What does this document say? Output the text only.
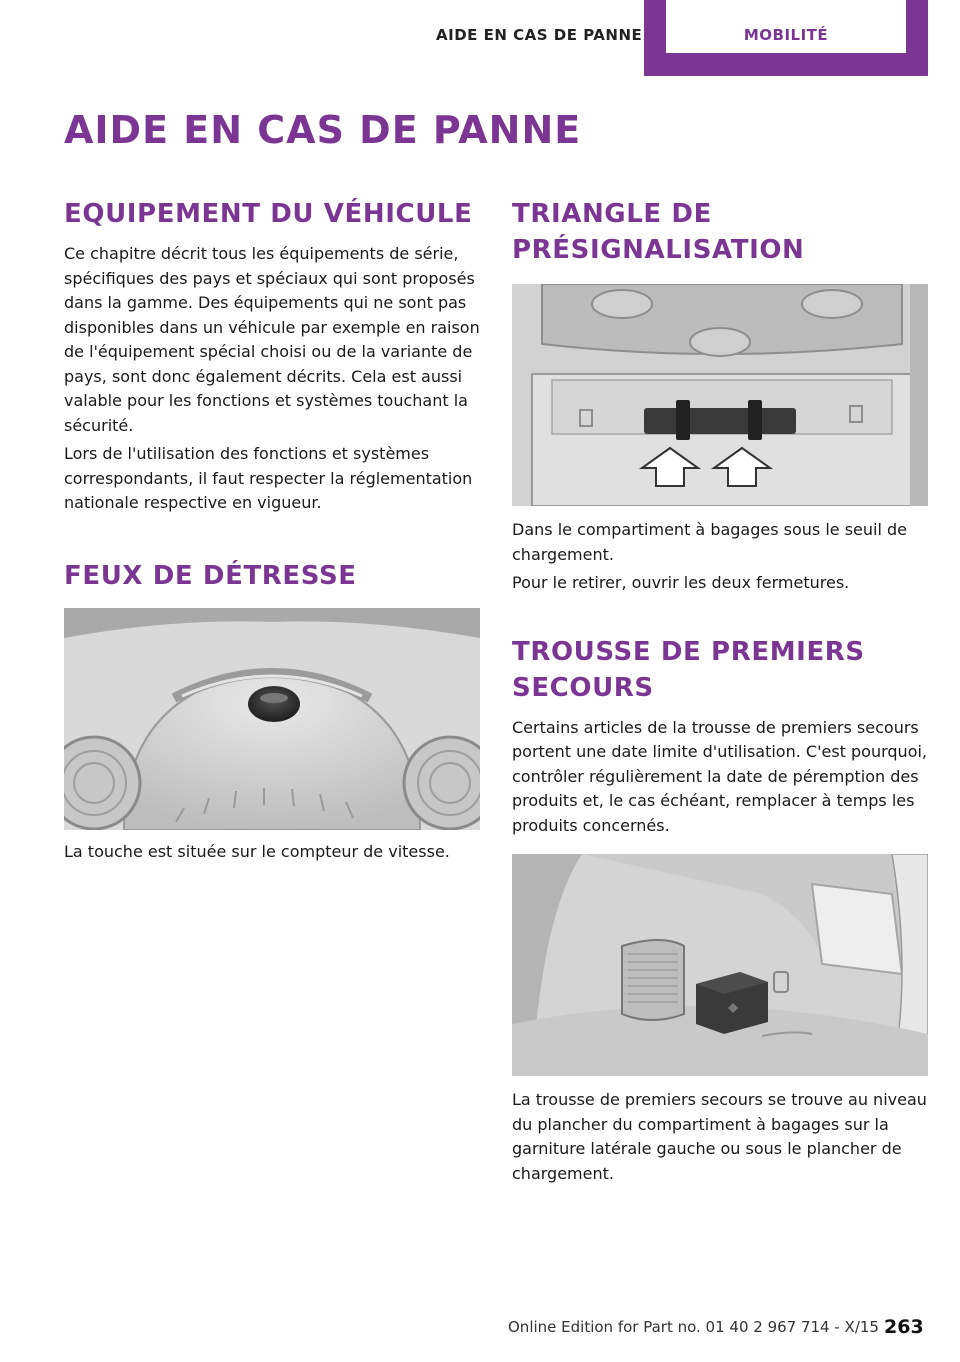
AIDE EN CAS DE PANNE	MOBILITÉ
AIDE EN CAS DE PANNE
EQUIPEMENT DU VÉHICULE

Ce chapitre décrit tous les équipements de série, spécifiques des pays et spéciaux qui sont proposés dans la gamme. Des équipements qui ne sont pas disponibles dans un véhicule par exemple en raison de l'équipement spécial choisi ou de la variante de pays, sont donc également décrits. Cela est aussi valable pour les fonctions et systèmes touchant la sécurité.

Lors de l'utilisation des fonctions et systèmes correspondants, il faut respecter la réglementation nationale respective en vigueur.

FEUX DE DÉTRESSE

La touche est située sur le compteur de vitesse.

TRIANGLE DE PRÉSIGNALISATION

Dans le compartiment à bagages sous le seuil de chargement.

Pour le retirer, ouvrir les deux fermetures.

TROUSSE DE PREMIERS SECOURS

Certains articles de la trousse de premiers secours portent une date limite d'utilisation. C'est pourquoi, contrôler régulièrement la date de péremption des produits et, le cas échéant, remplacer à temps les produits concernés.

La trousse de premiers secours se trouve au niveau du plancher du compartiment à bagages sur la garniture latérale gauche ou sous le plancher de chargement.

Online Edition for Part no. 01 40 2 967 714 - X/15 263
